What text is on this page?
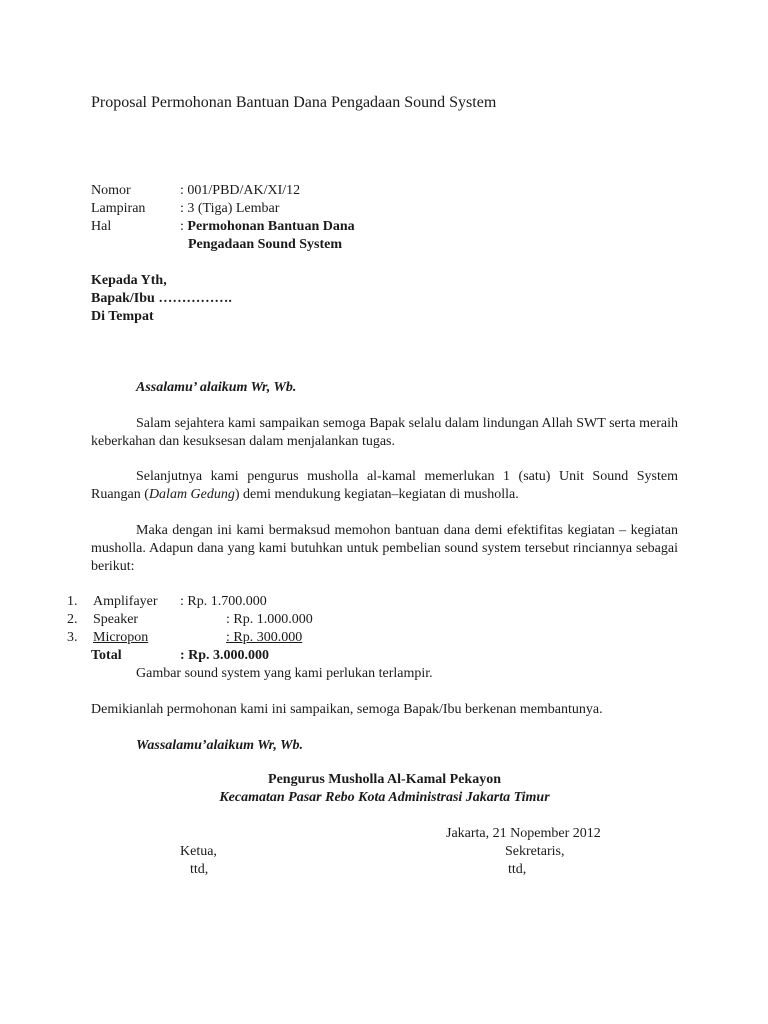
Proposal Permohonan Bantuan Dana Pengadaan Sound System
Nomor	: 001/PBD/AK/XI/12
Lampiran : 3 (Tiga) Lembar
Hal	: Permohonan Bantuan Dana
Pengadaan Sound System
Kepada Yth,
Bapak/Ibu …………….
Di Tempat
Assalamu’ alaikum Wr, Wb.

Salam sejahtera kami sampaikan semoga Bapak selalu dalam lindungan Allah SWT serta meraih keberkahan dan kesuksesan dalam menjalankan tugas.

Selanjutnya kami pengurus musholla al-kamal memerlukan 1 (satu) Unit Sound System Ruangan (Dalam Gedung) demi mendukung kegiatan–kegiatan di musholla.

Maka dengan ini kami bermaksud memohon bantuan dana demi efektifitas kegiatan – kegiatan musholla. Adapun dana yang kami butuhkan untuk pembelian sound system tersebut rinciannya sebagai berikut:

1. Amplifayer : Rp. 1.700.000
2. Speaker	: Rp. 1.000.000
3. Micropon	: Rp. 300.000
Total	: Rp. 3.000.000
Gambar sound system yang kami perlukan terlampir.
Demikianlah permohonan kami ini sampaikan, semoga Bapak/Ibu berkenan membantunya.
Wassalamu’alaikum Wr, Wb.
Pengurus Musholla Al-Kamal Pekayon
Kecamatan Pasar Rebo Kota Administrasi Jakarta Timur
Jakarta, 21 Nopember 2012
Ketua,
ttd,
Sekretaris,
ttd,
